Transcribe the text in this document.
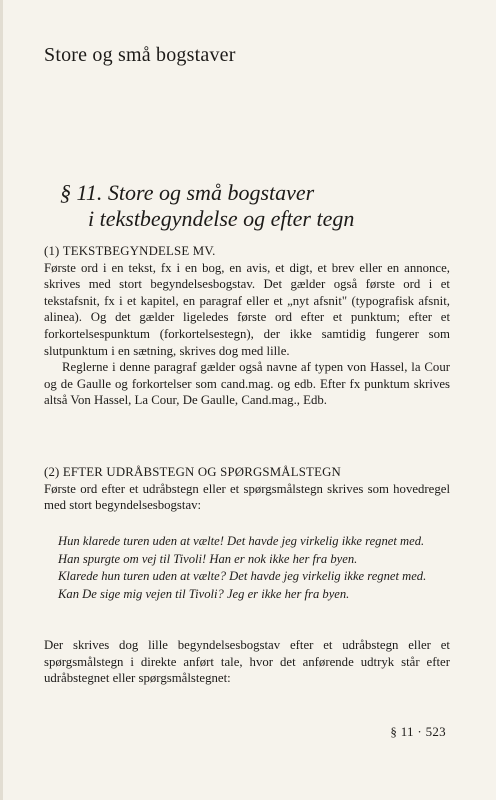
Store og små bogstaver
§ 11. Store og små bogstaver
i tekstbegyndelse og efter tegn

(1) TEKSTBEGYNDELSE MV.

Første ord i en tekst, fx i en bog, en avis, et digt, et brev eller en annonce, skrives med stort begyndelsesbogstav. Det gælder også første ord i et tekstafsnit, fx i et kapitel, en paragraf eller et „nyt afsnit" (typografisk afsnit, alinea). Og det gælder ligeledes første ord efter et punktum; efter et forkortelsespunktum (forkortelsestegn), der ikke samtidig fungerer som slutpunktum i en sætning, skrives dog med lille.

Reglerne i denne paragraf gælder også navne af typen von Hassel, la Cour og de Gaulle og forkortelser som cand.mag. og edb. Efter fx punktum skrives altså Von Hassel, La Cour, De Gaulle, Cand.mag., Edb.

(2) EFTER UDRÅBSTEGN OG SPØRGSMÅLSTEGN

Første ord efter et udråbstegn eller et spørgsmålstegn skrives som hovedregel med stort begyndelsesbogstav:

Hun klarede turen uden at vælte! Det havde jeg virkelig ikke regnet med.
Han spurgte om vej til Tivoli! Han er nok ikke her fra byen.
Klarede hun turen uden at vælte? Det havde jeg virkelig ikke regnet med.
Kan De sige mig vejen til Tivoli? Jeg er ikke her fra byen.

Der skrives dog lille begyndelsesbogstav efter et udråbstegn eller et spørgsmålstegn i direkte anført tale, hvor det anførende udtryk står efter udråbstegnet eller spørgsmålstegnet:

§ 11 · 523
